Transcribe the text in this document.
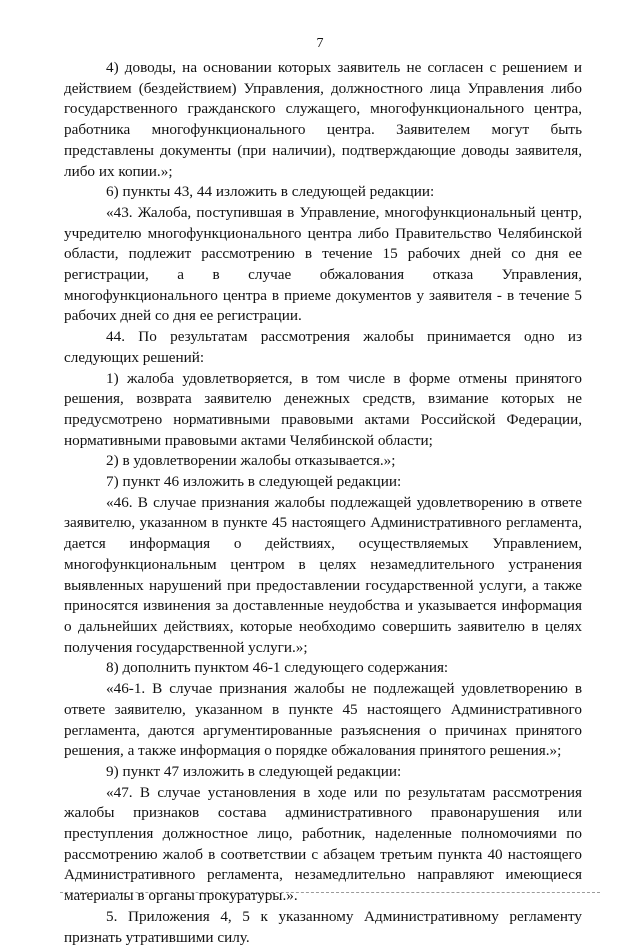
7

4) доводы, на основании которых заявитель не согласен с решением и действием (бездействием) Управления, должностного лица Управления либо государственного гражданского служащего, многофункционального центра, работника многофункционального центра. Заявителем могут быть представлены документы (при наличии), подтверждающие доводы заявителя, либо их копии.»;

6) пункты 43, 44 изложить в следующей редакции:

«43. Жалоба, поступившая в Управление, многофункциональный центр, учредителю многофункционального центра либо Правительство Челябинской области, подлежит рассмотрению в течение 15 рабочих дней со дня ее регистрации, а в случае обжалования отказа Управления, многофункционального центра в приеме документов у заявителя - в течение 5 рабочих дней со дня ее регистрации.

44. По результатам рассмотрения жалобы принимается одно из следующих решений:

1) жалоба удовлетворяется, в том числе в форме отмены принятого решения, возврата заявителю денежных средств, взимание которых не предусмотрено нормативными правовыми актами Российской Федерации, нормативными правовыми актами Челябинской области;

2) в удовлетворении жалобы отказывается.»;

7) пункт 46 изложить в следующей редакции:

«46. В случае признания жалобы подлежащей удовлетворению в ответе заявителю, указанном в пункте 45 настоящего Административного регламента, дается информация о действиях, осуществляемых Управлением, многофункциональным центром в целях незамедлительного устранения выявленных нарушений при предоставлении государственной услуги, а также приносятся извинения за доставленные неудобства и указывается информация о дальнейших действиях, которые необходимо совершить заявителю в целях получения государственной услуги.»;

8) дополнить пунктом 46-1 следующего содержания:

«46-1. В случае признания жалобы не подлежащей удовлетворению в ответе заявителю, указанном в пункте 45 настоящего Административного регламента, даются аргументированные разъяснения о причинах принятого решения, а также информация о порядке обжалования принятого решения.»;

9) пункт 47 изложить в следующей редакции:

«47. В случае установления в ходе или по результатам рассмотрения жалобы признаков состава административного правонарушения или преступления должностное лицо, работник, наделенные полномочиями по рассмотрению жалоб в соответствии с абзацем третьим пункта 40 настоящего Административного регламента, незамедлительно направляют имеющиеся материалы в органы прокуратуры.».

5. Приложения 4, 5 к указанному Административному регламенту признать утратившими силу.
